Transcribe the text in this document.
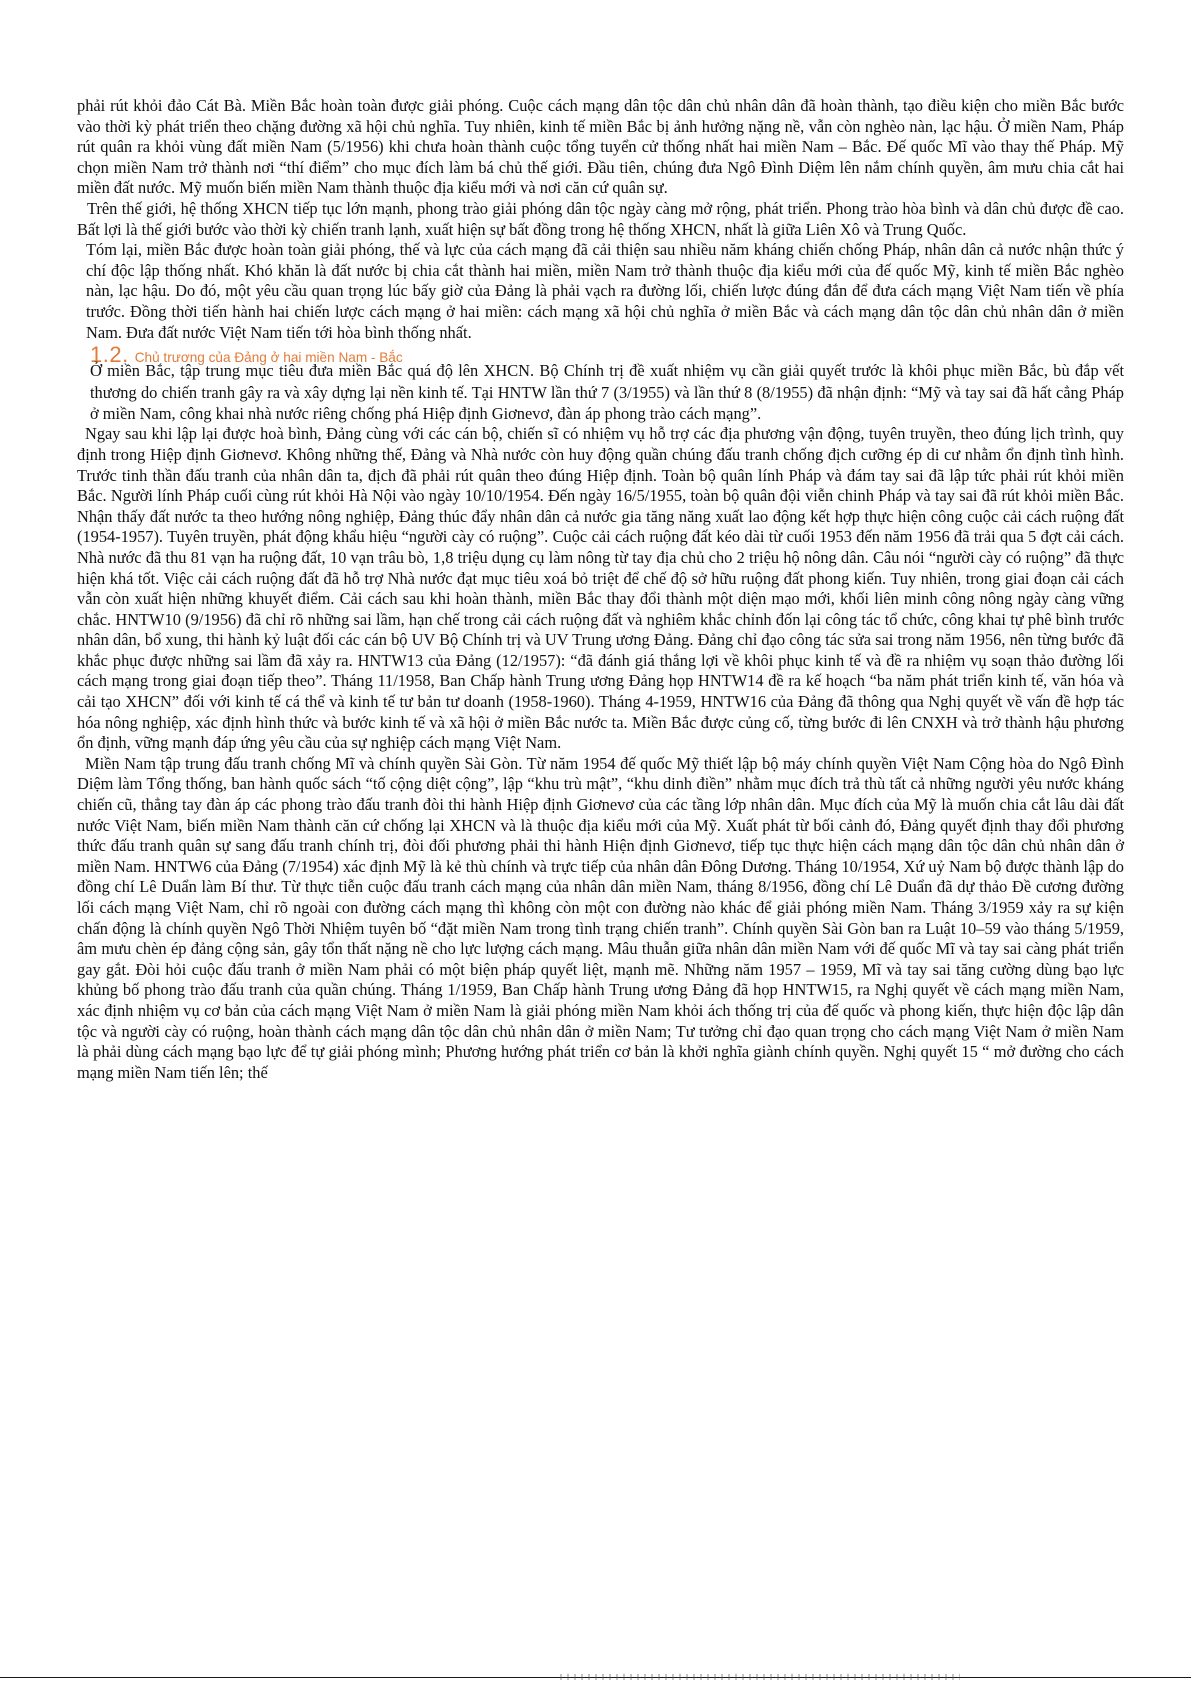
phải rút khỏi đảo Cát Bà. Miền Bắc hoàn toàn được giải phóng. Cuộc cách mạng dân tộc dân chủ nhân dân đã hoàn thành, tạo điều kiện cho miền Bắc bước vào thời kỳ phát triển theo chặng đường xã hội chủ nghĩa. Tuy nhiên, kinh tế miền Bắc bị ảnh hưởng nặng nề, vẫn còn nghèo nàn, lạc hậu. Ở miền Nam, Pháp rút quân ra khỏi vùng đất miền Nam (5/1956) khi chưa hoàn thành cuộc tổng tuyển cử thống nhất hai miền Nam – Bắc. Đế quốc Mĩ vào thay thế Pháp. Mỹ chọn miền Nam trở thành nơi “thí điểm” cho mục đích làm bá chủ thế giới. Đầu tiên, chúng đưa Ngô Đình Diệm lên nắm chính quyền, âm mưu chia cắt hai miền đất nước. Mỹ muốn biến miền Nam thành thuộc địa kiểu mới và nơi căn cứ quân sự.

Trên thế giới, hệ thống XHCN tiếp tục lớn mạnh, phong trào giải phóng dân tộc ngày càng mở rộng, phát triển. Phong trào hòa bình và dân chủ được đề cao. Bất lợi là thế giới bước vào thời kỳ chiến tranh lạnh, xuất hiện sự bất đồng trong hệ thống XHCN, nhất là giữa Liên Xô và Trung Quốc.

Tóm lại, miền Bắc được hoàn toàn giải phóng, thế và lực của cách mạng đã cải thiện sau nhiều năm kháng chiến chống Pháp, nhân dân cả nước nhận thức ý chí độc lập thống nhất. Khó khăn là đất nước bị chia cắt thành hai miền, miền Nam trở thành thuộc địa kiểu mới của đế quốc Mỹ, kinh tế miền Bắc nghèo nàn, lạc hậu. Do đó, một yêu cầu quan trọng lúc bấy giờ của Đảng là phải vạch ra đường lối, chiến lược đúng đắn để đưa cách mạng Việt Nam tiến về phía trước. Đồng thời tiến hành hai chiến lược cách mạng ở hai miền: cách mạng xã hội chủ nghĩa ở miền Bắc và cách mạng dân tộc dân chủ nhân dân ở miền Nam. Đưa đất nước Việt Nam tiến tới hòa bình thống nhất.

1.2. Chủ trương của Đảng ở hai miền Nam - Bắc

Ở miền Bắc, tập trung mục tiêu đưa miền Bắc quá độ lên XHCN. Bộ Chính trị đề xuất nhiệm vụ cần giải quyết trước là khôi phục miền Bắc, bù đắp vết thương do chiến tranh gây ra và xây dựng lại nền kinh tế. Tại HNTW lần thứ 7 (3/1955) và lần thứ 8 (8/1955) đã nhận định: “Mỹ và tay sai đã hất cẳng Pháp ở miền Nam, công khai nhà nước riêng chống phá Hiệp định Giơnevơ, đàn áp phong trào cách mạng”.

Ngay sau khi lập lại được hoà bình, Đảng cùng với các cán bộ, chiến sĩ có nhiệm vụ hỗ trợ các địa phương vận động, tuyên truyền, theo đúng lịch trình, quy định trong Hiệp định Giơnevơ. Không những thế, Đảng và Nhà nước còn huy động quần chúng đấu tranh chống địch cưỡng ép di cư nhằm ổn định tình hình. Trước tinh thần đấu tranh của nhân dân ta, địch đã phải rút quân theo đúng Hiệp định. Toàn bộ quân lính Pháp và đám tay sai đã lập tức phải rút khỏi miền Bắc. Người lính Pháp cuối cùng rút khỏi Hà Nội vào ngày 10/10/1954. Đến ngày 16/5/1955, toàn bộ quân đội viễn chinh Pháp và tay sai đã rút khỏi miền Bắc. Nhận thấy đất nước ta theo hướng nông nghiệp, Đảng thúc đẩy nhân dân cả nước gia tăng năng xuất lao động kết hợp thực hiện công cuộc cải cách ruộng đất (1954-1957). Tuyên truyền, phát động khẩu hiệu “người cày có ruộng”. Cuộc cải cách ruộng đất kéo dài từ cuối 1953 đến năm 1956 đã trải qua 5 đợt cải cách. Nhà nước đã thu 81 vạn ha ruộng đất, 10 vạn trâu bò, 1,8 triệu dụng cụ làm nông từ tay địa chủ cho 2 triệu hộ nông dân. Câu nói “người cày có ruộng” đã thực hiện khá tốt. Việc cải cách ruộng đất đã hỗ trợ Nhà nước đạt mục tiêu xoá bỏ triệt để chế độ sở hữu ruộng đất phong kiến. Tuy nhiên, trong giai đoạn cải cách vẫn còn xuất hiện những khuyết điểm. Cải cách sau khi hoàn thành, miền Bắc thay đổi thành một diện mạo mới, khối liên minh công nông ngày càng vững chắc. HNTW10 (9/1956) đã chỉ rõ những sai lầm, hạn chế trong cải cách ruộng đất và nghiêm khắc chỉnh đốn lại công tác tổ chức, công khai tự phê bình trước nhân dân, bổ xung, thi hành kỷ luật đối các cán bộ UV Bộ Chính trị và UV Trung ương Đảng. Đảng chỉ đạo công tác sửa sai trong năm 1956, nên từng bước đã khắc phục được những sai lầm đã xảy ra. HNTW13 của Đảng (12/1957): “đã đánh giá thắng lợi về khôi phục kinh tế và đề ra nhiệm vụ soạn thảo đường lối cách mạng trong giai đoạn tiếp theo”. Tháng 11/1958, Ban Chấp hành Trung ương Đảng họp HNTW14 đề ra kế hoạch “ba năm phát triển kinh tế, văn hóa và cải tạo XHCN” đối với kinh tế cá thể và kinh tế tư bản tư doanh (1958-1960). Tháng 4-1959, HNTW16 của Đảng đã thông qua Nghị quyết về vấn đề hợp tác hóa nông nghiệp, xác định hình thức và bước kinh tế và xã hội ở miền Bắc nước ta. Miền Bắc được củng cố, từng bước đi lên CNXH và trở thành hậu phương ổn định, vững mạnh đáp ứng yêu cầu của sự nghiệp cách mạng Việt Nam.

Miền Nam tập trung đấu tranh chống Mĩ và chính quyền Sài Gòn. Từ năm 1954 đế quốc Mỹ thiết lập bộ máy chính quyền Việt Nam Cộng hòa do Ngô Đình Diệm làm Tổng thống, ban hành quốc sách “tố cộng diệt cộng”, lập “khu trù mật”, “khu dinh điền” nhằm mục đích trả thù tất cả những người yêu nước kháng chiến cũ, thẳng tay đàn áp các phong trào đấu tranh đòi thi hành Hiệp định Giơnevơ của các tầng lớp nhân dân. Mục đích của Mỹ là muốn chia cắt lâu dài đất nước Việt Nam, biến miền Nam thành căn cứ chống lại XHCN và là thuộc địa kiểu mới của Mỹ. Xuất phát từ bối cảnh đó, Đảng quyết định thay đổi phương thức đấu tranh quân sự sang đấu tranh chính trị, đòi đối phương phải thi hành Hiện định Giơnevơ, tiếp tục thực hiện cách mạng dân tộc dân chủ nhân dân ở miền Nam. HNTW6 của Đảng (7/1954) xác định Mỹ là kẻ thù chính và trực tiếp của nhân dân Đông Dương. Tháng 10/1954, Xứ uỷ Nam bộ được thành lập do đồng chí Lê Duẩn làm Bí thư. Từ thực tiễn cuộc đấu tranh cách mạng của nhân dân miền Nam, tháng 8/1956, đồng chí Lê Duẩn đã dự thảo Đề cương đường lối cách mạng Việt Nam, chỉ rõ ngoài con đường cách mạng thì không còn một con đường nào khác để giải phóng miền Nam. Tháng 3/1959 xảy ra sự kiện chấn động là chính quyền Ngô Thời Nhiệm tuyên bố “đặt miền Nam trong tình trạng chiến tranh”. Chính quyền Sài Gòn ban ra Luật 10–59 vào tháng 5/1959, âm mưu chèn ép đảng cộng sản, gây tổn thất nặng nề cho lực lượng cách mạng. Mâu thuẫn giữa nhân dân miền Nam với đế quốc Mĩ và tay sai càng phát triển gay gắt. Đòi hỏi cuộc đấu tranh ở miền Nam phải có một biện pháp quyết liệt, mạnh mẽ. Những năm 1957 – 1959, Mĩ và tay sai tăng cường dùng bạo lực khủng bố phong trào đấu tranh của quần chúng. Tháng 1/1959, Ban Chấp hành Trung ương Đảng đã họp HNTW15, ra Nghị quyết về cách mạng miền Nam, xác định nhiệm vụ cơ bản của cách mạng Việt Nam ở miền Nam là giải phóng miền Nam khỏi ách thống trị của đế quốc và phong kiến, thực hiện độc lập dân tộc và người cày có ruộng, hoàn thành cách mạng dân tộc dân chủ nhân dân ở miền Nam; Tư tưởng chỉ đạo quan trọng cho cách mạng Việt Nam ở miền Nam là phải dùng cách mạng bạo lực để tự giải phóng mình; Phương hướng phát triển cơ bản là khởi nghĩa giành chính quyền. Nghị quyết 15 “ mở đường cho cách mạng miền Nam tiến lên; thế
